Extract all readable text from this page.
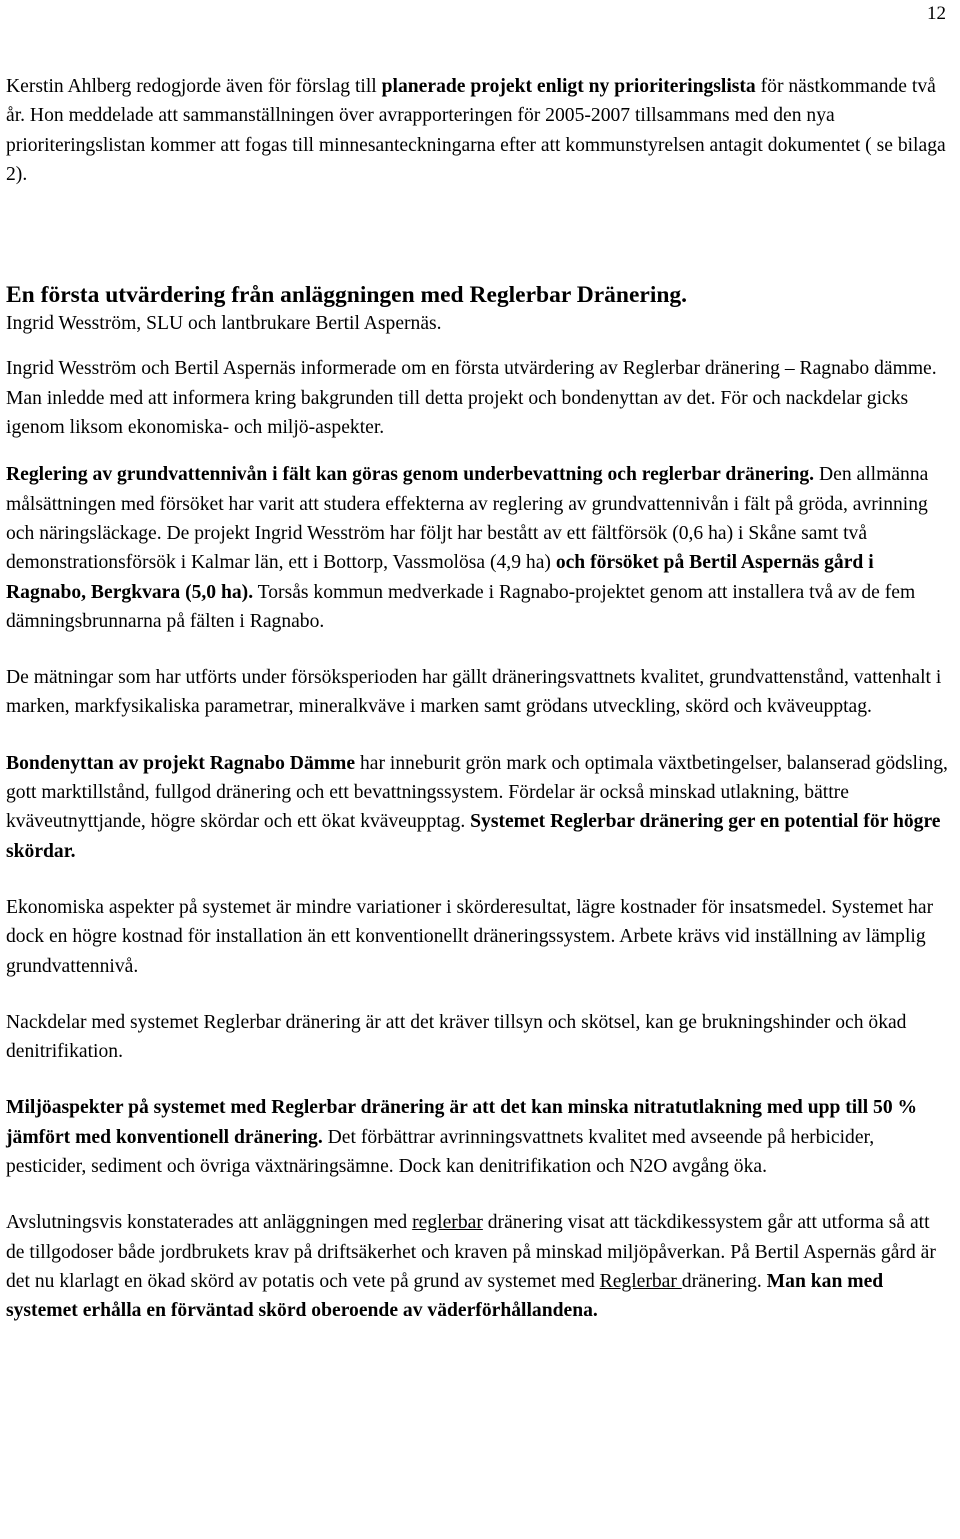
12

Kerstin Ahlberg redogjorde även för förslag till planerade projekt enligt ny prioriteringslista för nästkommande två år. Hon meddelade att sammanställningen över avrapporteringen för 2005-2007 tillsammans med den nya prioriteringslistan kommer att fogas till minnesanteckningarna efter att kommunstyrelsen antagit dokumentet ( se bilaga 2).

En första utvärdering från anläggningen med Reglerbar Dränering.

Ingrid Wesström, SLU och lantbrukare Bertil Aspernäs.

Ingrid Wesström och Bertil Aspernäs informerade om en första utvärdering av Reglerbar dränering – Ragnabo dämme. Man inledde med att informera kring bakgrunden till detta projekt och bondenyttan av det. För och nackdelar gicks igenom liksom ekonomiska- och miljö-aspekter.

Reglering av grundvattennivån i fält kan göras genom underbevattning och reglerbar dränering. Den allmänna målsättningen med försöket har varit att studera effekterna av reglering av grundvattennivån i fält på gröda, avrinning och näringsläckage. De projekt Ingrid Wesström har följt har bestått av ett fältförsök (0,6 ha) i Skåne samt två demonstrationsförsök i Kalmar län, ett i Bottorp, Vassmolösa (4,9 ha) och försöket på Bertil Aspernäs gård i Ragnabo, Bergkvara (5,0 ha). Torsås kommun medverkade i Ragnabo-projektet genom att installera två av de fem dämningsbrunnarna på fälten i Ragnabo.

De mätningar som har utförts under försöksperioden har gällt dräneringsvattnets kvalitet, grundvattenstånd, vattenhalt i marken, markfysikaliska parametrar, mineralkväve i marken samt grödans utveckling, skörd och kväveupptag.

Bondenyttan av projekt Ragnabo Dämme har inneburit grön mark och optimala växtbetingelser, balanserad gödsling, gott marktillstånd, fullgod dränering och ett bevattningssystem. Fördelar är också minskad utlakning, bättre kväveutnyttjande, högre skördar och ett ökat kväveupptag. Systemet Reglerbar dränering ger en potential för högre skördar.

Ekonomiska aspekter på systemet är mindre variationer i skörderesultat, lägre kostnader för insatsmedel. Systemet har dock en högre kostnad för installation än ett konventionellt dräneringssystem. Arbete krävs vid inställning av lämplig grundvattennivå.

Nackdelar med systemet Reglerbar dränering är att det kräver tillsyn och skötsel, kan ge brukningshinder och ökad denitrifikation.

Miljöaspekter på systemet med Reglerbar dränering är att det kan minska nitratutlakning med upp till 50 % jämfört med konventionell dränering. Det förbättrar avrinningsvattnets kvalitet med avseende på herbicider, pesticider, sediment och övriga växtnäringsämne. Dock kan denitrifikation och N2O avgång öka.

Avslutningsvis konstaterades att anläggningen med reglerbar dränering visat att täckdikessystem går att utforma så att de tillgodoser både jordbrukets krav på driftsäkerhet och kraven på minskad miljöpåverkan. På Bertil Aspernäs gård är det nu klarlagt en ökad skörd av potatis och vete på grund av systemet med Reglerbar dränering. Man kan med systemet erhålla en förväntad skörd oberoende av väderförhållandena.
